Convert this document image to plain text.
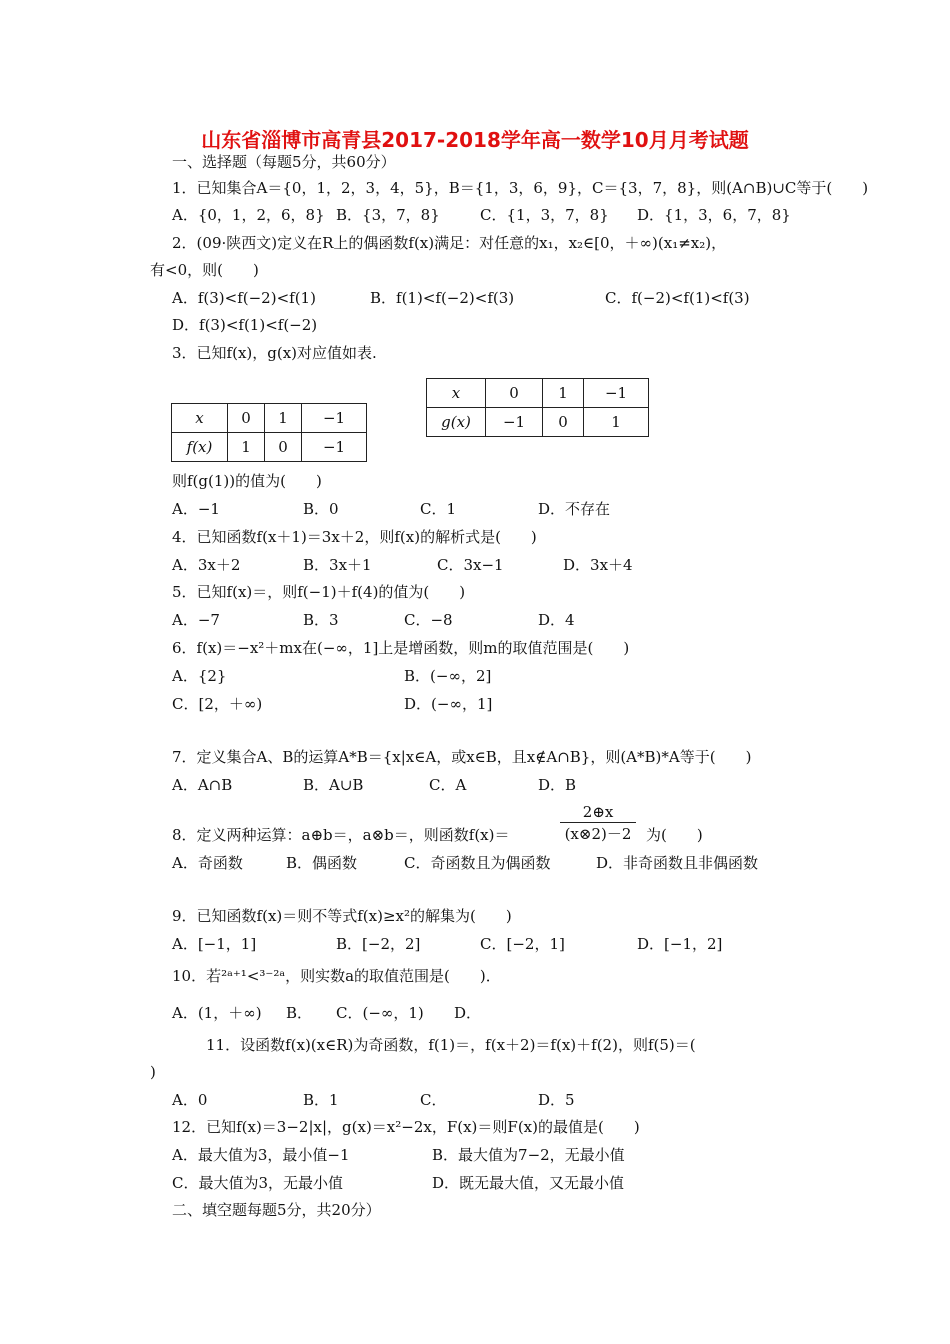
山东省淄博市高青县2017-2018学年高一数学10月月考试题
一、选择题（每题5分，共60分）
1．已知集合A＝{0，1，2，3，4，5}，B＝{1，3，6，9}，C＝{3，7，8}，则(A∩B)∪C等于(　　)
A．{0，1，2，6，8} B．{3，7，8}	C．{1，3，7，8} D．{1，3，6，7，8}
2．(09·陕西文)定义在R上的偶函数f(x)满足：对任意的x₁，x₂∈[0，＋∞)(x₁≠x₂)，
有<0，则(　　)
A．f(3)<f(−2)<f(1)	B．f(1)<f(−2)<f(3)	C．f(−2)<f(1)<f(3)
D．f(3)<f(1)<f(−2)
3．已知f(x)，g(x)对应值如表.
x	0	1	−1
g(x)	−1	0	1
x	0	1	−1
f(x)	1	0	−1
则f(g(1))的值为(　　)
A．−1	B．0	C．1	D．不存在
4．已知函数f(x＋1)＝3x＋2，则f(x)的解析式是(　　)
A．3x＋2	B．3x＋1	C．3x−1	D．3x＋4
5．已知f(x)＝，则f(−1)＋f(4)的值为(　　)
A．−7	B．3	C．−8	D．4
6．f(x)＝−x²＋mx在(−∞，1]上是增函数，则m的取值范围是(　　)
A．{2}	B．(−∞，2]
C．[2，＋∞)	D．(−∞，1]
7．定义集合A、B的运算A*B＝{x|x∈A，或x∈B，且x∉A∩B}，则(A*B)*A等于(　　)
A．A∩B	B．A∪B	C．A	D．B
8．定义两种运算：a⊕b＝，a⊗b＝，则函数f(x)＝
2⊕x
(x⊗2)－2 为(　　)
A．奇函数	B．偶函数	C．奇函数且为偶函数	D．非奇函数且非偶函数
9．已知函数f(x)＝则不等式f(x)≥x²的解集为(　　)
A．[−1，1]	B．[−2，2]	C．[−2，1]	D．[−1，2]
10．若²ᵃ⁺¹<³⁻²ᵃ，则实数a的取值范围是(　　)．
A．(1，＋∞) B． C．(−∞，1) D．
11．设函数f(x)(x∈R)为奇函数，f(1)＝，f(x＋2)＝f(x)＋f(2)，则f(5)＝(
)
A．0	B．1	C．	D．5
12．已知f(x)＝3−2|x|，g(x)＝x²−2x，F(x)＝则F(x)的最值是(　　)
A．最大值为3，最小值−1	B．最大值为7−2，无最小值
C．最大值为3，无最小值	D．既无最大值，又无最小值
二、填空题每题5分，共20分）
